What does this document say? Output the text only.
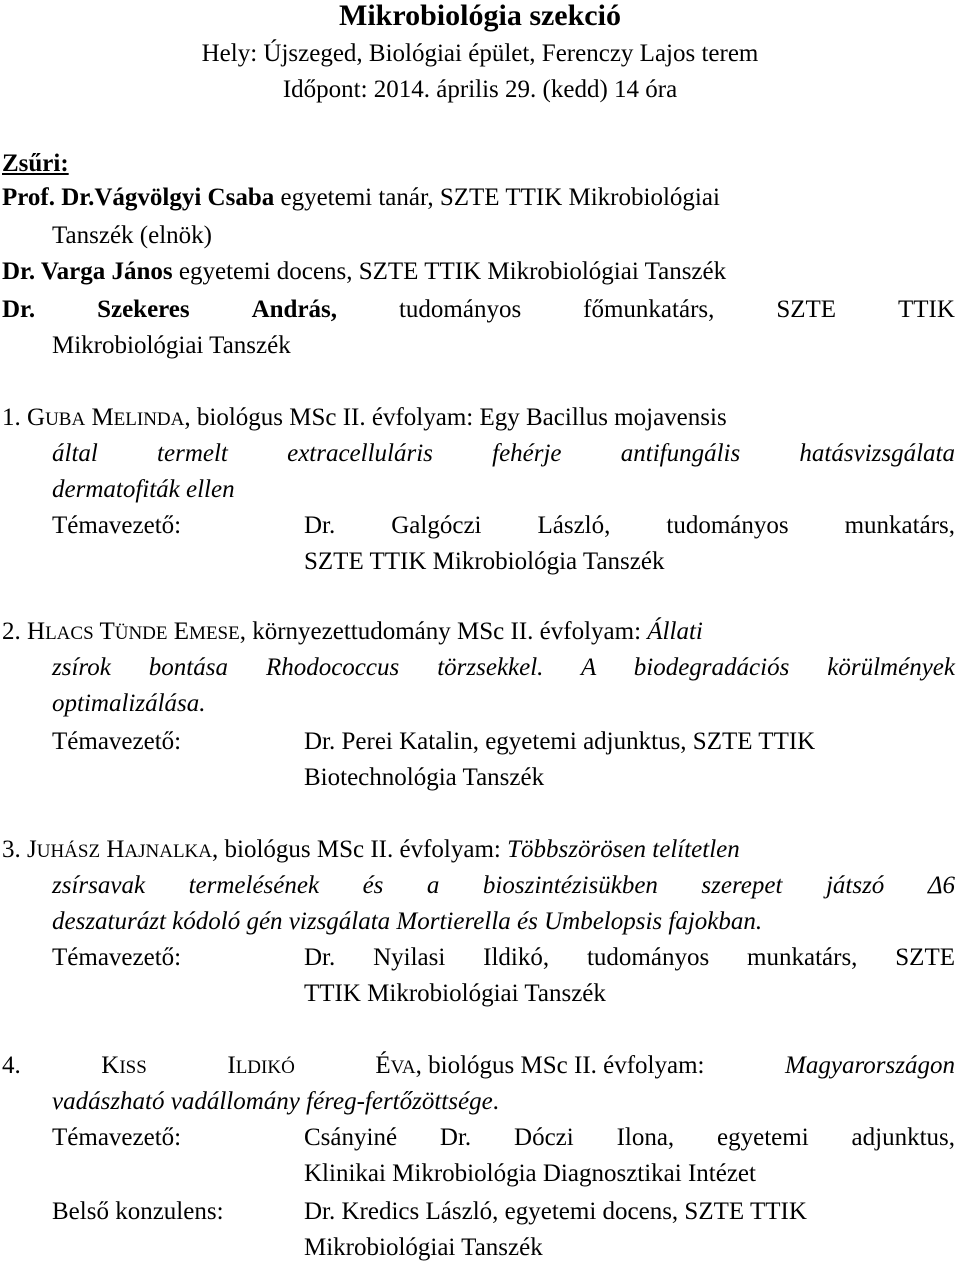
Mikrobiológia szekció
Hely: Újszeged, Biológiai épület, Ferenczy Lajos terem
Időpont: 2014. április 29. (kedd) 14 óra
Zsűri:
Prof. Dr.Vágvölgyi Csaba egyetemi tanár, SZTE TTIK Mikrobiológiai
Tanszék (elnök)
Dr. Varga János egyetemi docens, SZTE TTIK Mikrobiológiai Tanszék
Dr. Szekeres András, tudományos főmunkatárs, SZTE TTIK
Mikrobiológiai Tanszék
1. GUBA MELINDA, biológus MSc II. évfolyam: Egy Bacillus mojavensis
által termelt extracelluláris fehérje antifungális hatásvizsgálata
dermatofiták ellen
Témavezető:	Dr. Galgóczi László, tudományos munkatárs,
SZTE TTIK Mikrobiológia Tanszék
2. HLACS TÜNDE EMESE, környezettudomány MSc II. évfolyam: Állati
zsírok bontása Rhodococcus törzsekkel. A biodegradációs körülmények
optimalizálása.
Témavezető:	Dr. Perei Katalin, egyetemi adjunktus, SZTE TTIK
Biotechnológia Tanszék
3. JUHÁSZ HAJNALKA, biológus MSc II. évfolyam: Többszörösen telítetlen
zsírsavak termelésének és a bioszintézisükben szerepet játszó Δ6
deszaturázt kódoló gén vizsgálata Mortierella és Umbelopsis fajokban.
Témavezető:	Dr. Nyilasi Ildikó, tudományos munkatárs, SZTE
TTIK Mikrobiológiai Tanszék
4.	KISS	ILDIKÓ	ÉVA, biológus MSc II. évfolyam:	Magyarországon
vadászható vadállomány féreg-fertőzöttsége.
Témavezető:	Csányiné Dr. Dóczi Ilona, egyetemi adjunktus,
Klinikai Mikrobiológia Diagnosztikai Intézet
Belső konzulens:	Dr. Kredics László, egyetemi docens, SZTE TTIK
Mikrobiológiai Tanszék
